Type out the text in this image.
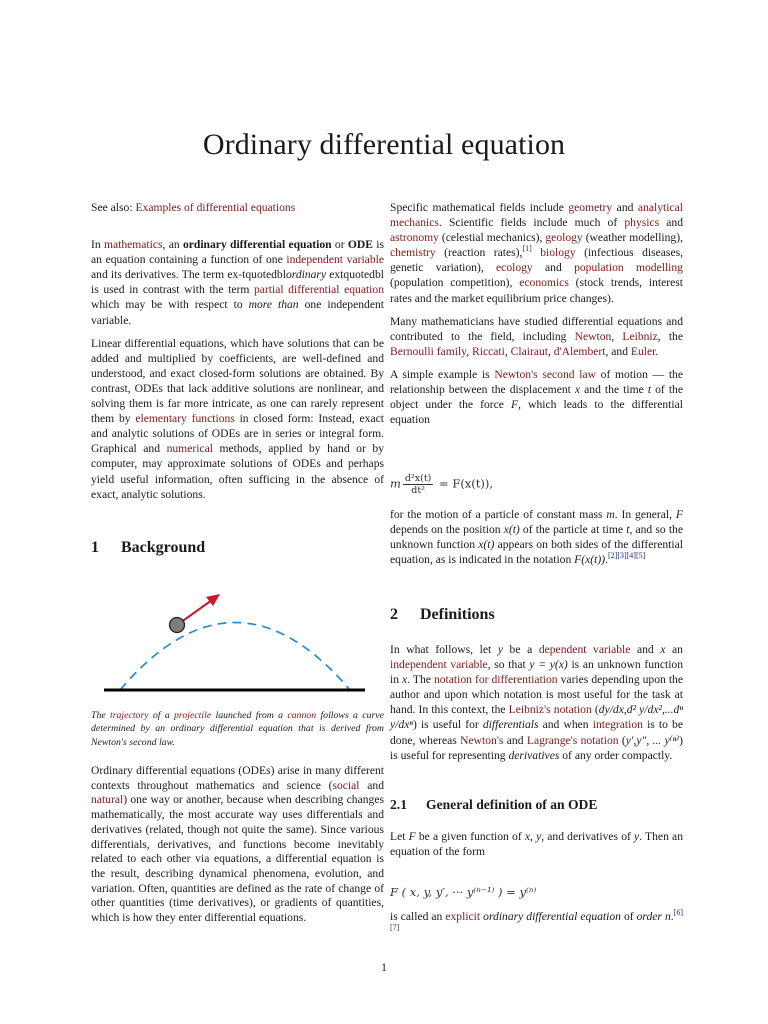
Ordinary differential equation

See also: Examples of differential equations

In mathematics, an ordinary differential equation or ODE is an equation containing a function of one independent variable and its derivatives. The term ex-tquotedblordinary extquotedbl is used in contrast with the term partial differential equation which may be with respect to more than one independent variable.

Linear differential equations, which have solutions that can be added and multiplied by coefficients, are well-defined and understood, and exact closed-form solutions are obtained. By contrast, ODEs that lack additive solutions are nonlinear, and solving them is far more intricate, as one can rarely represent them by elementary functions in closed form: Instead, exact and analytic solutions of ODEs are in series or integral form. Graphical and numerical methods, applied by hand or by computer, may approximate solutions of ODEs and perhaps yield useful information, often sufficing in the absence of exact, analytic solutions.

1 Background
The trajectory of a projectile launched from a cannon follows a curve determined by an ordinary differential equation that is derived from Newton's second law.

Ordinary differential equations (ODEs) arise in many different contexts throughout mathematics and science (social and natural) one way or another, because when describing changes mathematically, the most accurate way uses differentials and derivatives (related, though not quite the same). Since various differentials, derivatives, and functions become inevitably related to each other via equations, a differential equation is the result, describing dynamical phenomena, evolution, and variation. Often, quantities are defined as the rate of change of other quantities (time derivatives), or gradients of quantities, which is how they enter differential equations.

Specific mathematical fields include geometry and analytical mechanics. Scientific fields include much of physics and astronomy (celestial mechanics), geology (weather modelling), chemistry (reaction rates),[1] biology (infectious diseases, genetic variation), ecology and population modelling (population competition), economics (stock trends, interest rates and the market equilibrium price changes).

Many mathematicians have studied differential equations and contributed to the field, including Newton, Leibniz, the Bernoulli family, Riccati, Clairaut, d'Alembert, and Euler.

A simple example is Newton's second law of motion — the relationship between the displacement x and the time t of the object under the force F, which leads to the differential equation

m $\frac{\text{d²x(t)}}{\text{dt²}} = F(x(t))$,

for the motion of a particle of constant mass m. In general, F depends on the position x(t) of the particle at time t, and so the unknown function x(t) appears on both sides of the differential equation, as is indicated in the notation F(x(t)).[2][3][4][5]

2 Definitions

In what follows, let y be a dependent variable and x an independent variable, so that y = y(x) is an unknown function in x. The notation for differentiation varies depending upon the author and upon which notation is most useful for the task at hand. In this context, the Leibniz's notation (dy/dx,d² y/dx²,...dⁿ y/dxⁿ) is useful for differentials and when integration is to be done, whereas Newton's and Lagrange's notation (y′,y″, ... y⁽ⁿ⁾) is useful for representing derivatives of any order compactly.

2.1 General definition of an ODE

Let F be a given function of x, y, and derivatives of y. Then an equation of the form

F ( x, y, y′, ··· y⁽ⁿ⁻¹⁾ ) = y⁽ⁿ⁾

is called an explicit ordinary differential equation of order n.[6][7]

1
